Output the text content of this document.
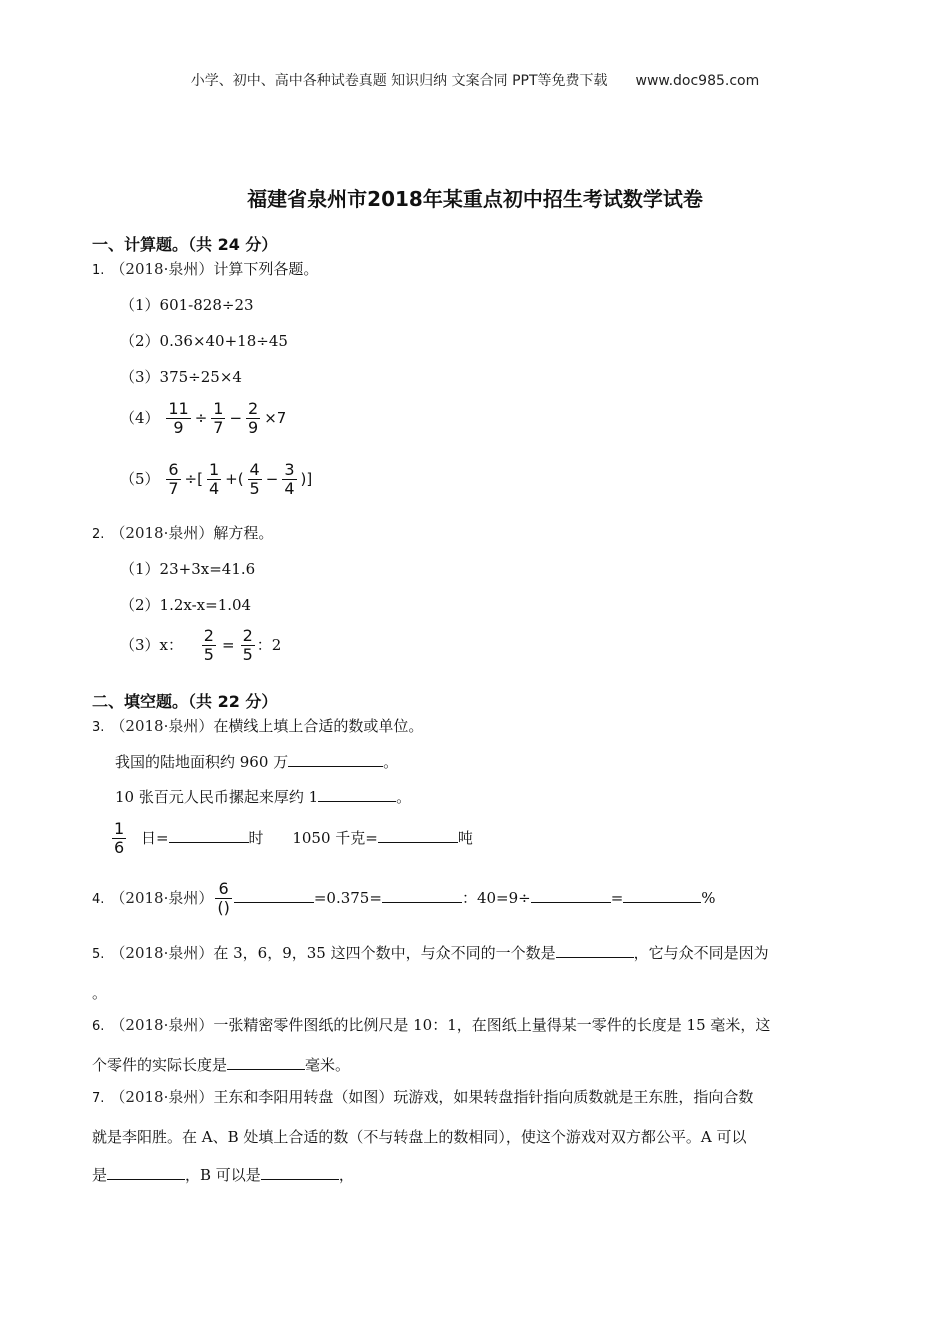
小学、初中、高中各种试卷真题 知识归纳 文案合同 PPT等免费下载 www.doc985.com
福建省泉州市2018年某重点初中招生考试数学试卷
一、计算题。（共 24 分）
1. （2018·泉州）计算下列各题。
（1）601-828÷23
（2）0.36×40+18÷45
（3）375÷25×4
$(4) \frac{11}{9} \div \frac{1}{7} - \frac{2}{9} \times 7$
$(5) \frac{6}{7}$ ÷[ $\frac{1}{4}$ +( $\frac{4}{5} - \frac{3}{4}$ )]
2. （2018·泉州）解方程。
（1）23+3x=41.6
（2）1.2x-x=1.04
（3）x： $\frac{2}{5} = \frac{2}{5}$ ：2
二、填空题。（共 22 分）
3. （2018·泉州）在横线上填上合适的数或单位。
我国的陆地面积约 960 万	。
10 张百元人民币摞起来厚约 1	。
$\frac{1}{6}$ 日=	时 1050 千克=	吨
4. （2018·泉州） $\frac{6}{()}$	=0.375=	：40=9÷	=	%
5. （2018·泉州）在 3，6，9，35 这四个数中，与众不同的一个数是	，它与众不同是因为
。
6. （2018·泉州）一张精密零件图纸的比例尺是 10：1，在图纸上量得某一零件的长度是 15 毫米，这
个零件的实际长度是	毫米。
7. （2018·泉州）王东和李阳用转盘（如图）玩游戏，如果转盘指针指向质数就是王东胜，指向合数
就是李阳胜。在 A、B 处填上合适的数（不与转盘上的数相同），使这个游戏对双方都公平。A 可以
是	，B 可以是	，
